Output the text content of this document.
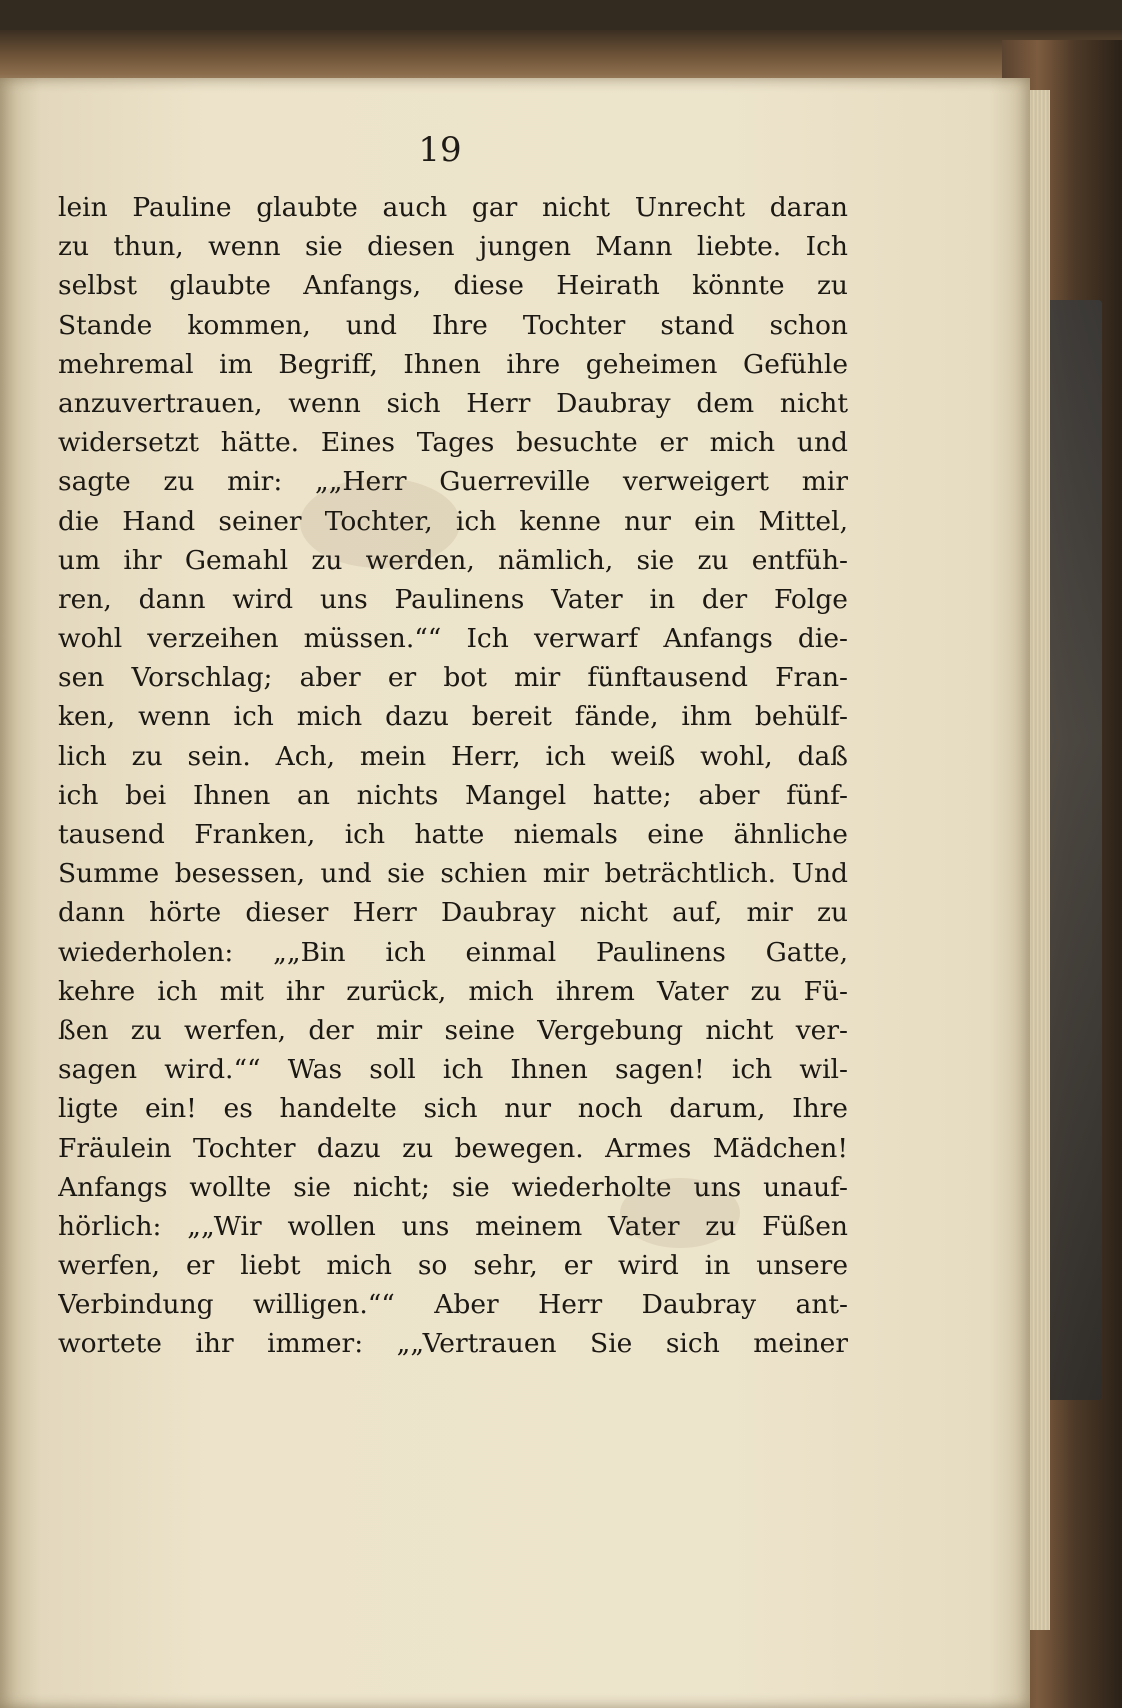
19
lein Pauline glaubte auch gar nicht Unrecht daran
zu thun, wenn sie diesen jungen Mann liebte. Ich
selbst glaubte Anfangs, diese Heirath könnte zu
Stande kommen, und Ihre Tochter stand schon
mehremal im Begriff, Ihnen ihre geheimen Gefühle
anzuvertrauen, wenn sich Herr Daubray dem nicht
widersetzt hätte. Eines Tages besuchte er mich und
sagte zu mir: „„Herr Guerreville verweigert mir
die Hand seiner Tochter, ich kenne nur ein Mittel,
um ihr Gemahl zu werden, nämlich, sie zu entfüh-
ren, dann wird uns Paulinens Vater in der Folge
wohl verzeihen müssen.““ Ich verwarf Anfangs die-
sen Vorschlag; aber er bot mir fünftausend Fran-
ken, wenn ich mich dazu bereit fände, ihm behülf-
lich zu sein. Ach, mein Herr, ich weiß wohl, daß
ich bei Ihnen an nichts Mangel hatte; aber fünf-
tausend Franken, ich hatte niemals eine ähnliche
Summe besessen, und sie schien mir beträchtlich. Und
dann hörte dieser Herr Daubray nicht auf, mir zu
wiederholen: „„Bin ich einmal Paulinens Gatte,
kehre ich mit ihr zurück, mich ihrem Vater zu Fü-
ßen zu werfen, der mir seine Vergebung nicht ver-
sagen wird.““ Was soll ich Ihnen sagen! ich wil-
ligte ein! es handelte sich nur noch darum, Ihre
Fräulein Tochter dazu zu bewegen. Armes Mädchen!
Anfangs wollte sie nicht; sie wiederholte uns unauf-
hörlich: „„Wir wollen uns meinem Vater zu Füßen
werfen, er liebt mich so sehr, er wird in unsere
Verbindung willigen.““ Aber Herr Daubray ant-
wortete ihr immer: „„Vertrauen Sie sich meiner
